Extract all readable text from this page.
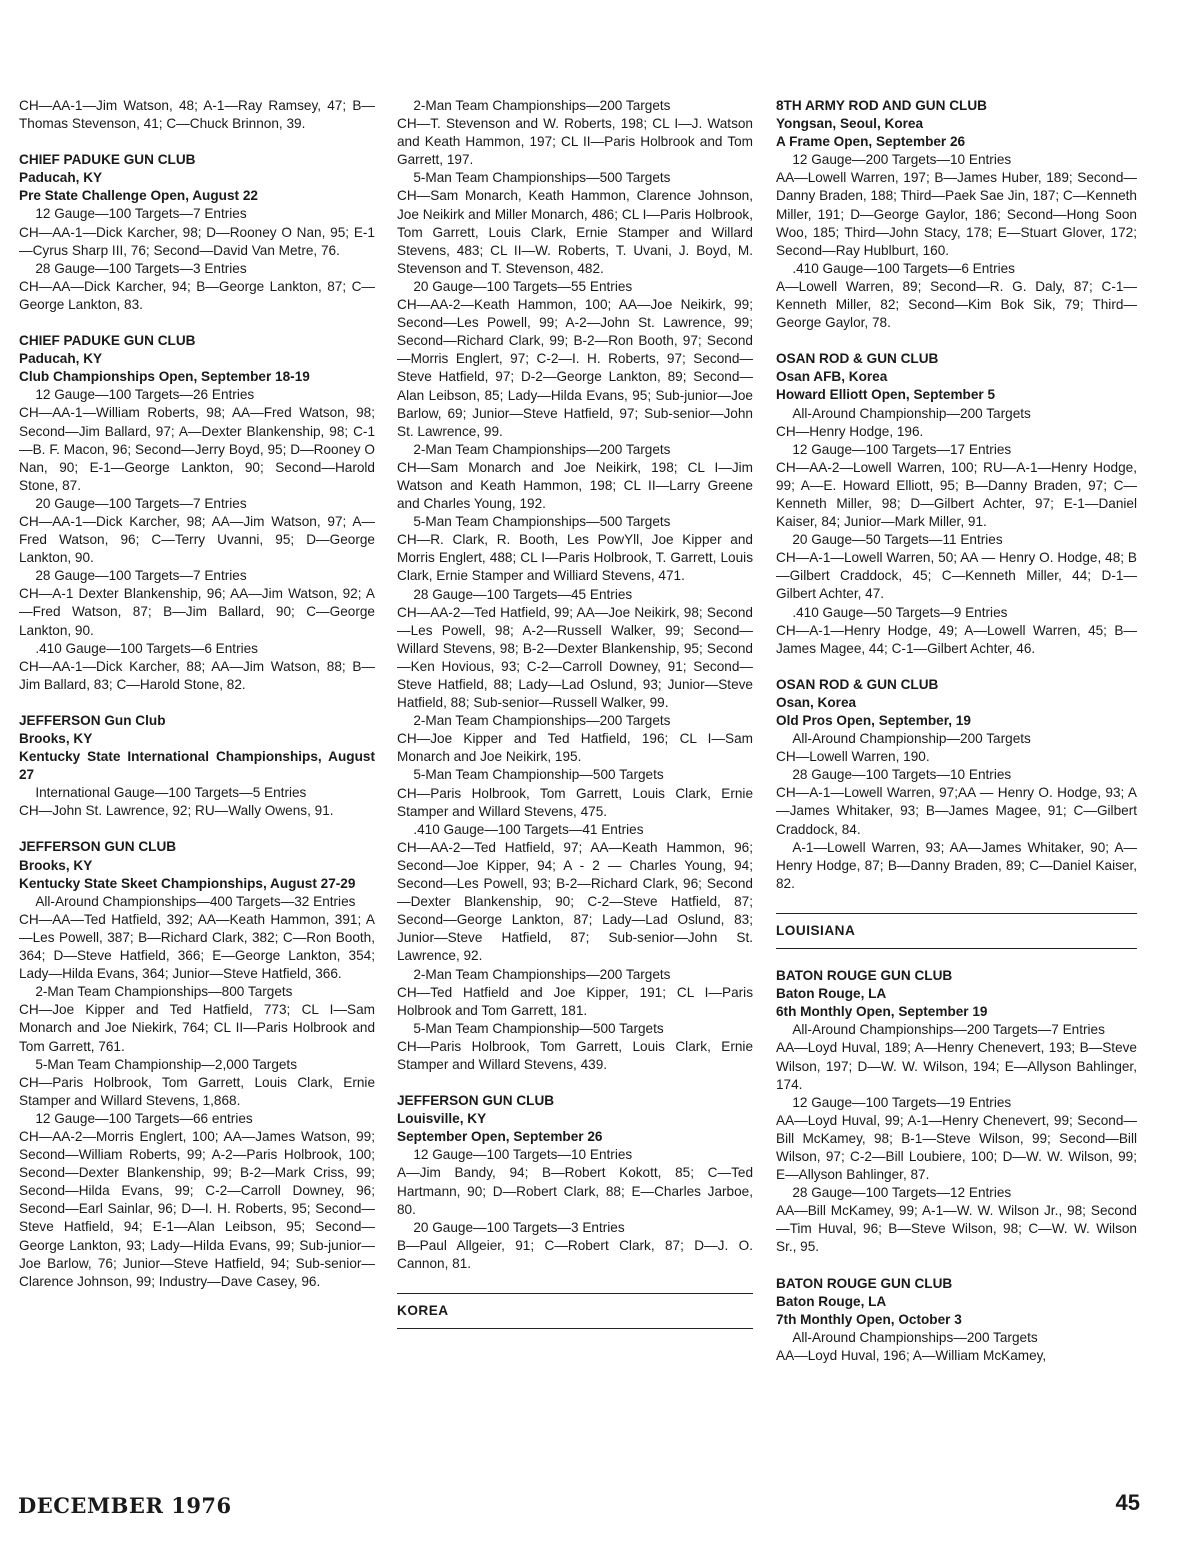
CH—AA-1—Jim Watson, 48; A-1—Ray Ramsey, 47; B—Thomas Stevenson, 41; C—Chuck Brinnon, 39.
CHIEF PADUKE GUN CLUB
Paducah, KY
Pre State Challenge Open, August 22
12 Gauge—100 Targets—7 Entries
CH—AA-1—Dick Karcher, 98; D—Rooney O Nan, 95; E-1—Cyrus Sharp III, 76; Second—David Van Metre, 76.
28 Gauge—100 Targets—3 Entries
CH—AA—Dick Karcher, 94; B—George Lankton, 87; C—George Lankton, 83.
CHIEF PADUKE GUN CLUB
Paducah, KY
Club Championships Open, September 18-19
12 Gauge—100 Targets—26 Entries
CH—AA-1—William Roberts, 98; AA—Fred Watson, 98; Second—Jim Ballard, 97; A—Dexter Blankenship, 98; C-1—B. F. Macon, 96; Second—Jerry Boyd, 95; D—Rooney O Nan, 90; E-1—George Lankton, 90; Second—Harold Stone, 87.
20 Gauge—100 Targets—7 Entries
CH—AA-1—Dick Karcher, 98; AA—Jim Watson, 97; A—Fred Watson, 96; C—Terry Uvanni, 95; D—George Lankton, 90.
28 Gauge—100 Targets—7 Entries
CH—A-1 Dexter Blankenship, 96; AA—Jim Watson, 92; A—Fred Watson, 87; B—Jim Ballard, 90; C—George Lankton, 90.
.410 Gauge—100 Targets—6 Entries
CH—AA-1—Dick Karcher, 88; AA—Jim Watson, 88; B—Jim Ballard, 83; C—Harold Stone, 82.
JEFFERSON Gun Club
Brooks, KY
Kentucky State International Championships, August 27
International Gauge—100 Targets—5 Entries
CH—John St. Lawrence, 92; RU—Wally Owens, 91.
JEFFERSON GUN CLUB
Brooks, KY
Kentucky State Skeet Championships, August 27-29
All-Around Championships—400 Targets—32 Entries
CH—AA—Ted Hatfield, 392; AA—Keath Hammon, 391; A—Les Powell, 387; B—Richard Clark, 382; C—Ron Booth, 364; D—Steve Hatfield, 366; E—George Lankton, 354; Lady—Hilda Evans, 364; Junior—Steve Hatfield, 366.
2-Man Team Championships—800 Targets
CH—Joe Kipper and Ted Hatfield, 773; CL I—Sam Monarch and Joe Niekirk, 764; CL II—Paris Holbrook and Tom Garrett, 761.
5-Man Team Championship—2,000 Targets
CH—Paris Holbrook, Tom Garrett, Louis Clark, Ernie Stamper and Willard Stevens, 1,868.
12 Gauge—100 Targets—66 entries
CH—AA-2—Morris Englert, 100; AA—James Watson, 99; Second—William Roberts, 99; A-2—Paris Holbrook, 100; Second—Dexter Blankenship, 99; B-2—Mark Criss, 99; Second—Hilda Evans, 99; C-2—Carroll Downey, 96; Second—Earl Sainlar, 96; D—I. H. Roberts, 95; Second—Steve Hatfield, 94; E-1—Alan Leibson, 95; Second—George Lankton, 93; Lady—Hilda Evans, 99; Sub-junior—Joe Barlow, 76; Junior—Steve Hatfield, 94; Sub-senior—Clarence Johnson, 99; Industry—Dave Casey, 96.
2-Man Team Championships—200 Targets
CH—T. Stevenson and W. Roberts, 198; CL I—J. Watson and Keath Hammon, 197; CL II—Paris Holbrook and Tom Garrett, 197.
5-Man Team Championships—500 Targets
CH—Sam Monarch, Keath Hammon, Clarence Johnson, Joe Neikirk and Miller Monarch, 486; CL I—Paris Holbrook, Tom Garrett, Louis Clark, Ernie Stamper and Willard Stevens, 483; CL II—W. Roberts, T. Uvani, J. Boyd, M. Stevenson and T. Stevenson, 482.
20 Gauge—100 Targets—55 Entries
CH—AA-2—Keath Hammon, 100; AA—Joe Neikirk, 99; Second—Les Powell, 99; A-2—John St. Lawrence, 99; Second—Richard Clark, 99; B-2—Ron Booth, 97; Second—Morris Englert, 97; C-2—I. H. Roberts, 97; Second—Steve Hatfield, 97; D-2—George Lankton, 89; Second—Alan Leibson, 85; Lady—Hilda Evans, 95; Sub-junior—Joe Barlow, 69; Junior—Steve Hatfield, 97; Sub-senior—John St. Lawrence, 99.
2-Man Team Championships—200 Targets
CH—Sam Monarch and Joe Neikirk, 198; CL I—Jim Watson and Keath Hammon, 198; CL II—Larry Greene and Charles Young, 192.
5-Man Team Championships—500 Targets
CH—R. Clark, R. Booth, Les PowYll, Joe Kipper and Morris Englert, 488; CL I—Paris Holbrook, T. Garrett, Louis Clark, Ernie Stamper and Williard Stevens, 471.
28 Gauge—100 Targets—45 Entries
CH—AA-2—Ted Hatfield, 99; AA—Joe Neikirk, 98; Second—Les Powell, 98; A-2—Russell Walker, 99; Second—Willard Stevens, 98; B-2—Dexter Blankenship, 95; Second—Ken Hovious, 93; C-2—Carroll Downey, 91; Second—Steve Hatfield, 88; Lady—Lad Oslund, 93; Junior—Steve Hatfield, 88; Sub-senior—Russell Walker, 99.
2-Man Team Championships—200 Targets
CH—Joe Kipper and Ted Hatfield, 196; CL I—Sam Monarch and Joe Neikirk, 195.
5-Man Team Championship—500 Targets
CH—Paris Holbrook, Tom Garrett, Louis Clark, Ernie Stamper and Willard Stevens, 475.
.410 Gauge—100 Targets—41 Entries
CH—AA-2—Ted Hatfield, 97; AA—Keath Hammon, 96; Second—Joe Kipper, 94; A - 2 — Charles Young, 94; Second—Les Powell, 93; B-2—Richard Clark, 96; Second—Dexter Blankenship, 90; C-2—Steve Hatfield, 87; Second—George Lankton, 87; Lady—Lad Oslund, 83; Junior—Steve Hatfield, 87; Sub-senior—John St. Lawrence, 92.
2-Man Team Championships—200 Targets
CH—Ted Hatfield and Joe Kipper, 191; CL I—Paris Holbrook and Tom Garrett, 181.
5-Man Team Championship—500 Targets
CH—Paris Holbrook, Tom Garrett, Louis Clark, Ernie Stamper and Willard Stevens, 439.
JEFFERSON GUN CLUB
Louisville, KY
September Open, September 26
12 Gauge—100 Targets—10 Entries
A—Jim Bandy, 94; B—Robert Kokott, 85; C—Ted Hartmann, 90; D—Robert Clark, 88; E—Charles Jarboe, 80.
20 Gauge—100 Targets—3 Entries
B—Paul Allgeier, 91; C—Robert Clark, 87; D—J. O. Cannon, 81.
KOREA
8TH ARMY ROD AND GUN CLUB
Yongsan, Seoul, Korea
A Frame Open, September 26
12 Gauge—200 Targets—10 Entries
AA—Lowell Warren, 197; B—James Huber, 189; Second—Danny Braden, 188; Third—Paek Sae Jin, 187; C—Kenneth Miller, 191; D—George Gaylor, 186; Second—Hong Soon Woo, 185; Third—John Stacy, 178; E—Stuart Glover, 172; Second—Ray Hublburt, 160.
.410 Gauge—100 Targets—6 Entries
A—Lowell Warren, 89; Second—R. G. Daly, 87; C-1—Kenneth Miller, 82; Second—Kim Bok Sik, 79; Third—George Gaylor, 78.
OSAN ROD & GUN CLUB
Osan AFB, Korea
Howard Elliott Open, September 5
All-Around Championship—200 Targets
CH—Henry Hodge, 196.
12 Gauge—100 Targets—17 Entries
CH—AA-2—Lowell Warren, 100; RU—A-1—Henry Hodge, 99; A—E. Howard Elliott, 95; B—Danny Braden, 97; C—Kenneth Miller, 98; D—Gilbert Achter, 97; E-1—Daniel Kaiser, 84; Junior—Mark Miller, 91.
20 Gauge—50 Targets—11 Entries
CH—A-1—Lowell Warren, 50; AA — Henry O. Hodge, 48; B—Gilbert Craddock, 45; C—Kenneth Miller, 44; D-1—Gilbert Achter, 47.
.410 Gauge—50 Targets—9 Entries
CH—A-1—Henry Hodge, 49; A—Lowell Warren, 45; B—James Magee, 44; C-1—Gilbert Achter, 46.
OSAN ROD & GUN CLUB
Osan, Korea
Old Pros Open, September, 19
All-Around Championship—200 Targets
CH—Lowell Warren, 190.
28 Gauge—100 Targets—10 Entries
CH—A-1—Lowell Warren, 97;AA — Henry O. Hodge, 93; A—James Whitaker, 93; B—James Magee, 91; C—Gilbert Craddock, 84.
A-1—Lowell Warren, 93; AA—James Whitaker, 90; A—Henry Hodge, 87; B—Danny Braden, 89; C—Daniel Kaiser, 82.
LOUISIANA
BATON ROUGE GUN CLUB
Baton Rouge, LA
6th Monthly Open, September 19
All-Around Championships—200 Targets—7 Entries
AA—Loyd Huval, 189; A—Henry Chenevert, 193; B—Steve Wilson, 197; D—W. W. Wilson, 194; E—Allyson Bahlinger, 174.
12 Gauge—100 Targets—19 Entries
AA—Loyd Huval, 99; A-1—Henry Chenevert, 99; Second—Bill McKamey, 98; B-1—Steve Wilson, 99; Second—Bill Wilson, 97; C-2—Bill Loubiere, 100; D—W. W. Wilson, 99; E—Allyson Bahlinger, 87.
28 Gauge—100 Targets—12 Entries
AA—Bill McKamey, 99; A-1—W. W. Wilson Jr., 98; Second—Tim Huval, 96; B—Steve Wilson, 98; C—W. W. Wilson Sr., 95.
BATON ROUGE GUN CLUB
Baton Rouge, LA
7th Monthly Open, October 3
All-Around Championships—200 Targets
AA—Loyd Huval, 196; A—William McKamey,
DECEMBER 1976	45
